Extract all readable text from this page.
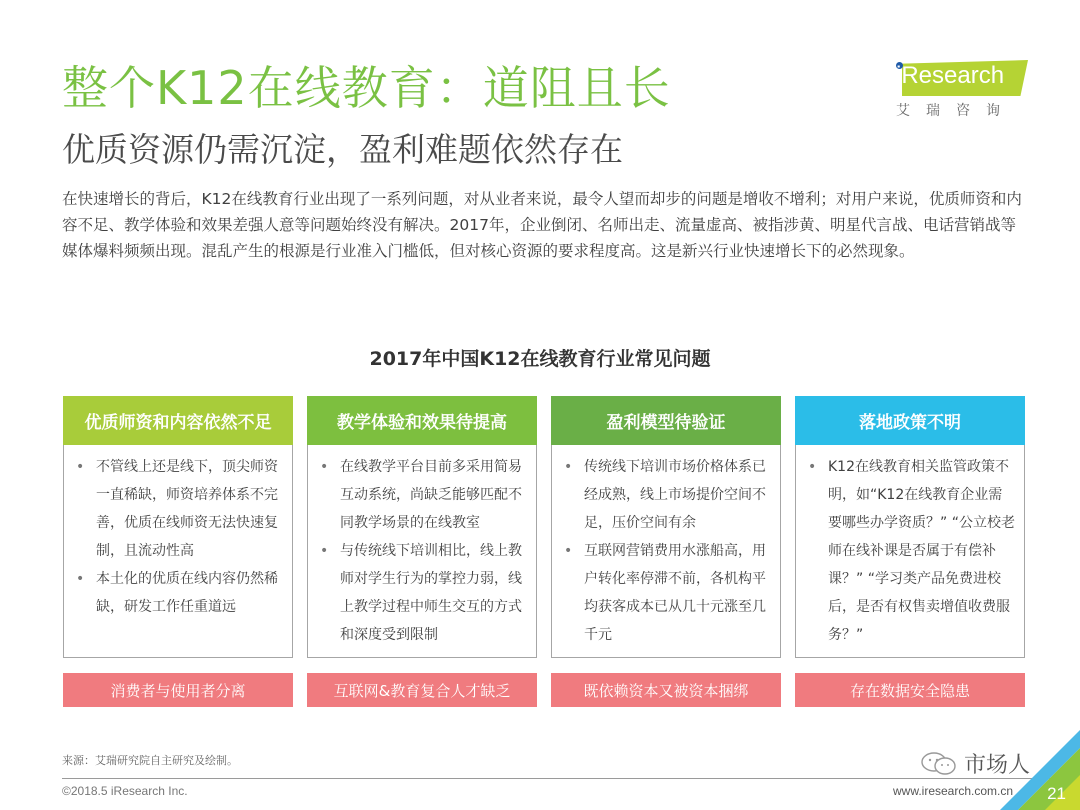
整个K12在线教育：道阻且长
优质资源仍需沉淀，盈利难题依然存在
iResearch
艾瑞咨询
在快速增长的背后，K12在线教育行业出现了一系列问题，对从业者来说，最令人望而却步的问题是增收不增利；对用户来说，优质师资和内容不足、教学体验和效果差强人意等问题始终没有解决。2017年，企业倒闭、名师出走、流量虚高、被指涉黄、明星代言战、电话营销战等媒体爆料频频出现。混乱产生的根源是行业准入门槛低，但对核心资源的要求程度高。这是新兴行业快速增长下的必然现象。
2017年中国K12在线教育行业常见问题
优质师资和内容依然不足
• 不管线上还是线下，顶尖师资一直稀缺，师资培养体系不完善，优质在线师资无法快速复制，且流动性高
• 本土化的优质在线内容仍然稀缺，研发工作任重道远
教学体验和效果待提高
• 在线教学平台目前多采用简易互动系统，尚缺乏能够匹配不同教学场景的在线教室
• 与传统线下培训相比，线上教师对学生行为的掌控力弱，线上教学过程中师生交互的方式和深度受到限制
盈利模型待验证
• 传统线下培训市场价格体系已经成熟，线上市场提价空间不足，压价空间有余
• 互联网营销费用水涨船高，用户转化率停滞不前，各机构平均获客成本已从几十元涨至几千元
落地政策不明
• K12在线教育相关监管政策不明，如“K12在线教育企业需要哪些办学资质？” “公立校老师在线补课是否属于有偿补课？” “学习类产品免费进校后，是否有权售卖增值收费服务？”
消费者与使用者分离	互联网&教育复合人才缺乏	既依赖资本又被资本捆绑	存在数据安全隐患
来源：艾瑞研究院自主研究及绘制。
©2018.5 iResearch Inc.	www.iresearch.com.cn
市场人
21
